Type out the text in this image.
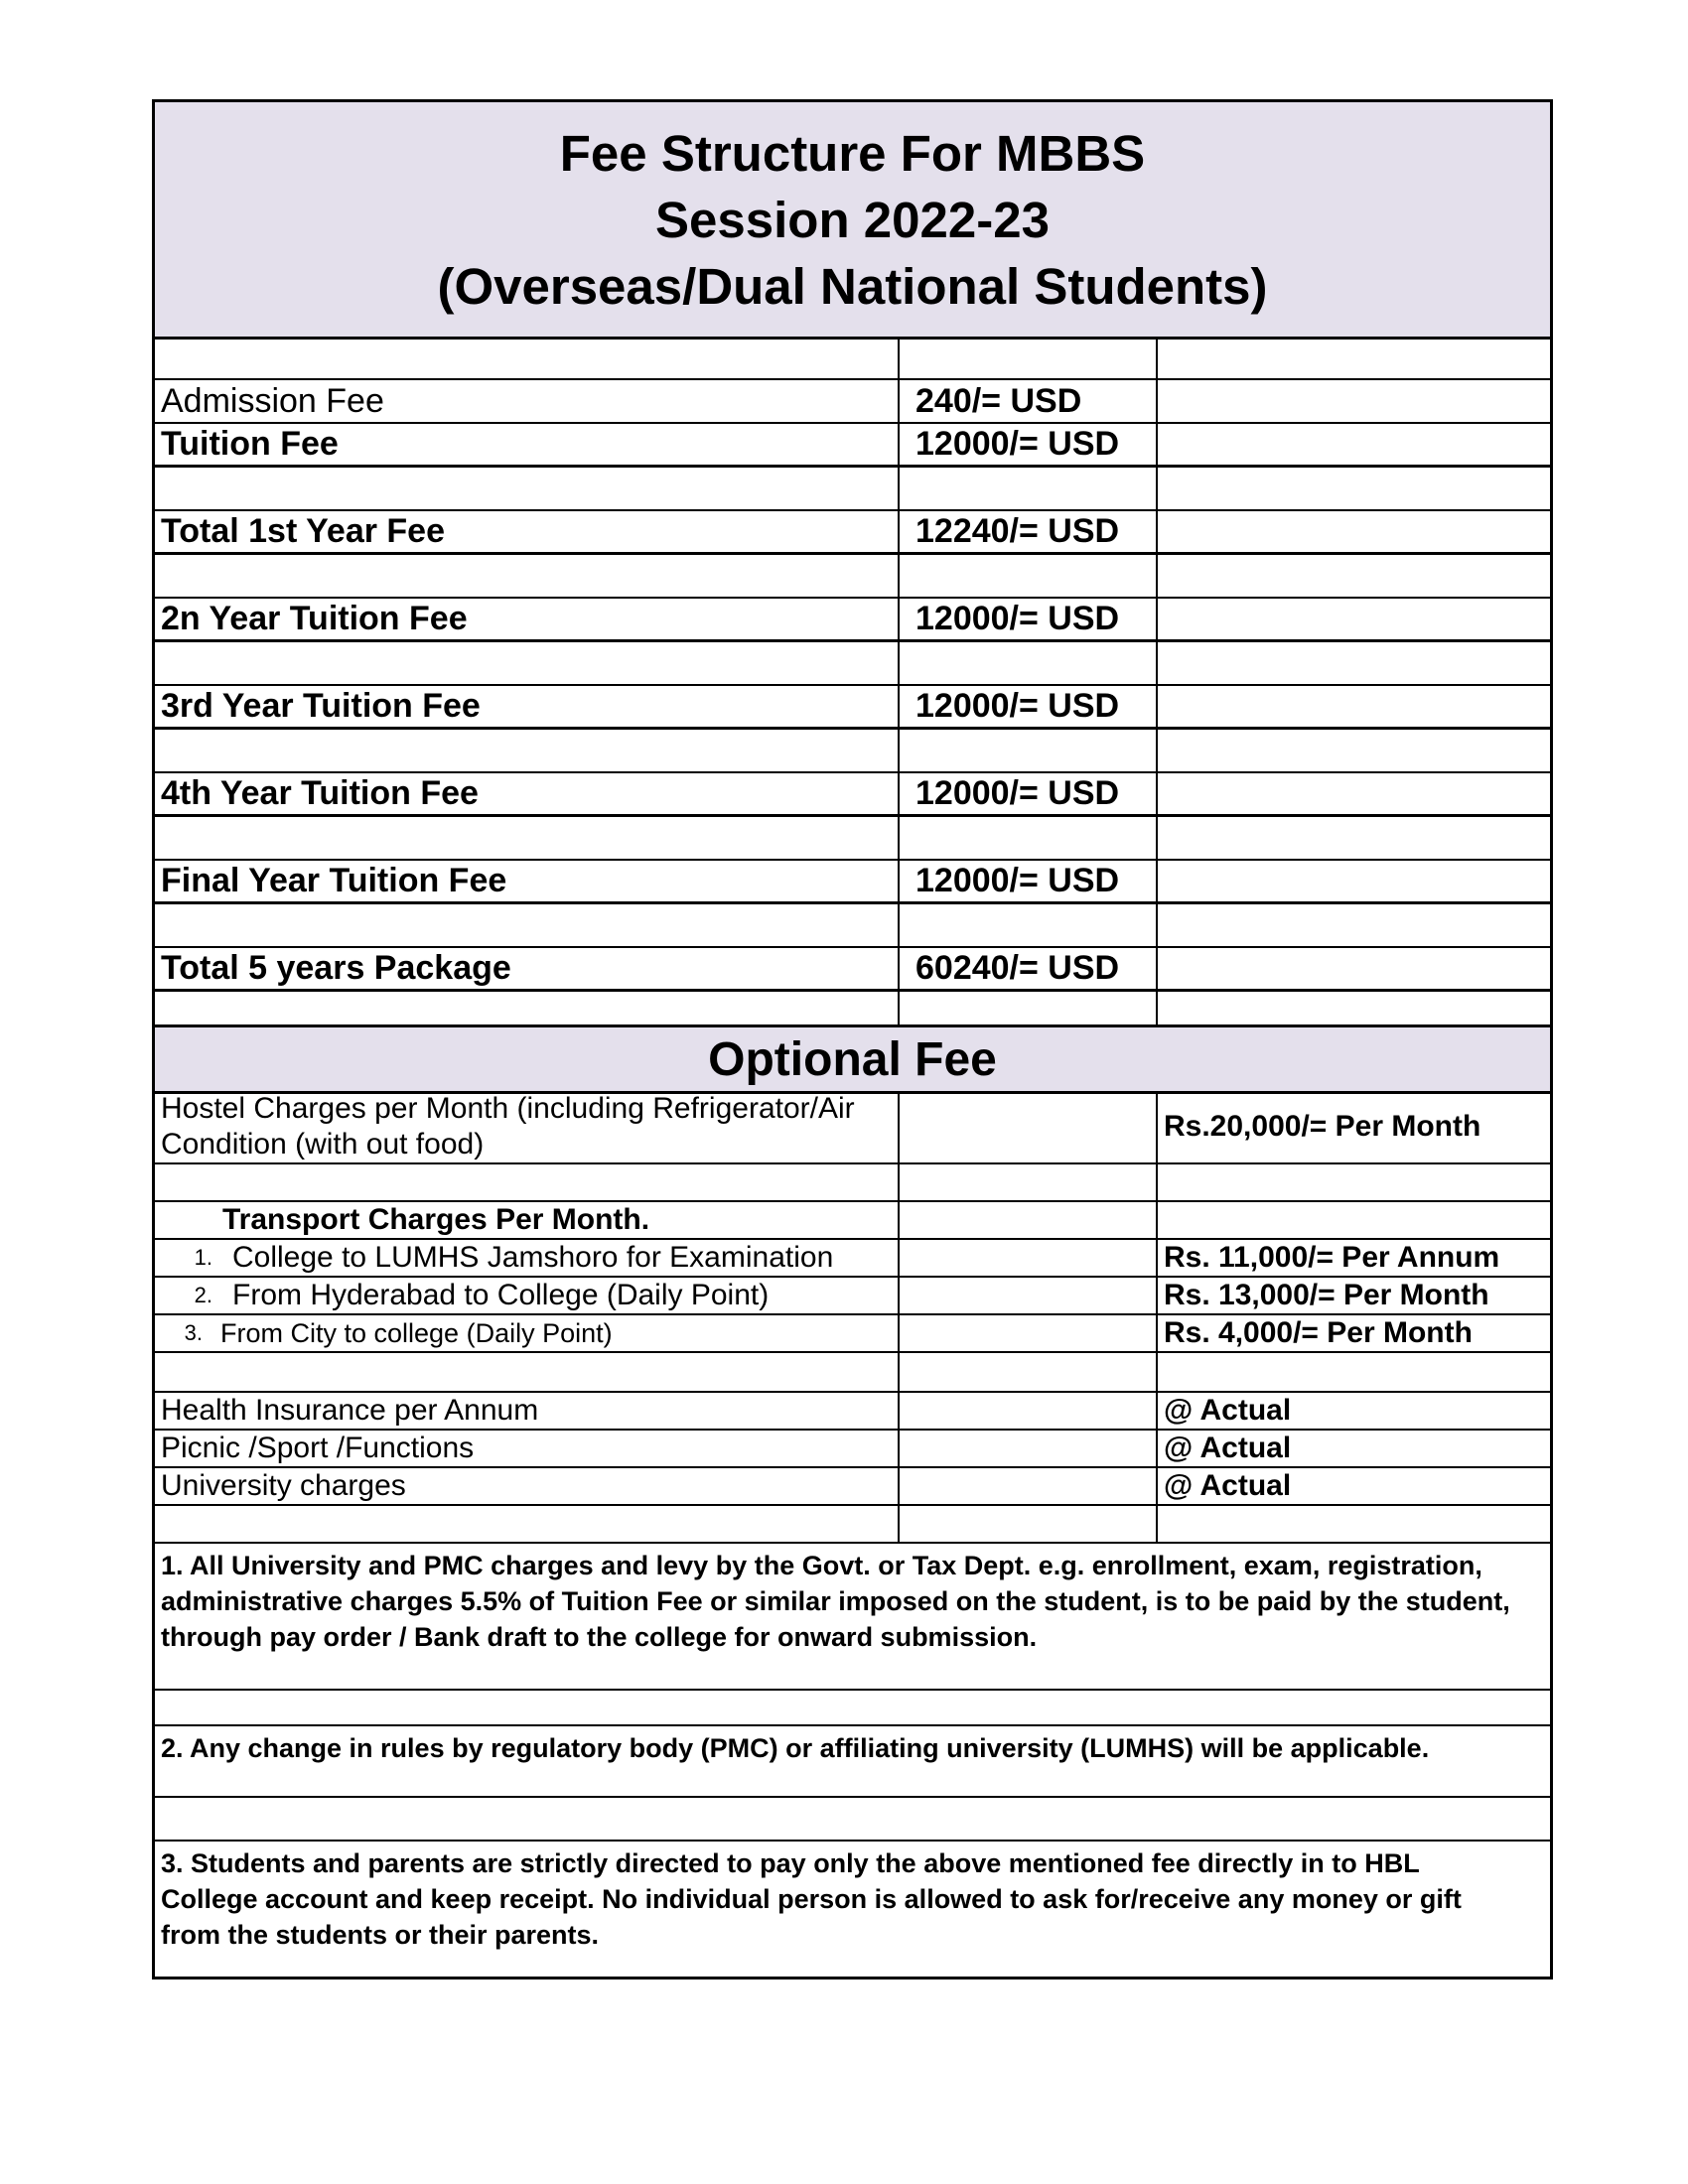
Fee Structure For MBBS
Session 2022-23
(Overseas/Dual National Students)
Admission Fee	240/= USD
Tuition Fee	12000/= USD
Total 1st Year Fee	12240/= USD
2n Year Tuition Fee	12000/= USD
3rd Year Tuition Fee	12000/= USD
4th Year Tuition Fee	12000/= USD
Final Year Tuition Fee	12000/= USD
Total 5 years Package	60240/= USD
Optional Fee
Hostel Charges per Month (including Refrigerator/Air
Condition (with out food)
Rs.20,000/= Per Month
Transport Charges Per Month.
1. College to LUMHS Jamshoro for Examination	Rs. 11,000/= Per Annum
2. From Hyderabad to College (Daily Point)	Rs. 13,000/= Per Month
3. From City to college (Daily Point)	Rs. 4,000/= Per Month
Health Insurance per Annum	@ Actual
Picnic /Sport /Functions	@ Actual
University charges	@ Actual
1. All University and PMC charges and levy by the Govt. or Tax Dept. e.g. enrollment, exam, registration,
administrative charges 5.5% of Tuition Fee or similar imposed on the student, is to be paid by the student,
through pay order / Bank draft to the college for onward submission.
2. Any change in rules by regulatory body (PMC) or affiliating university (LUMHS) will be applicable.
3. Students and parents are strictly directed to pay only the above mentioned fee directly in to HBL
College account and keep receipt. No individual person is allowed to ask for/receive any money or gift
from the students or their parents.
